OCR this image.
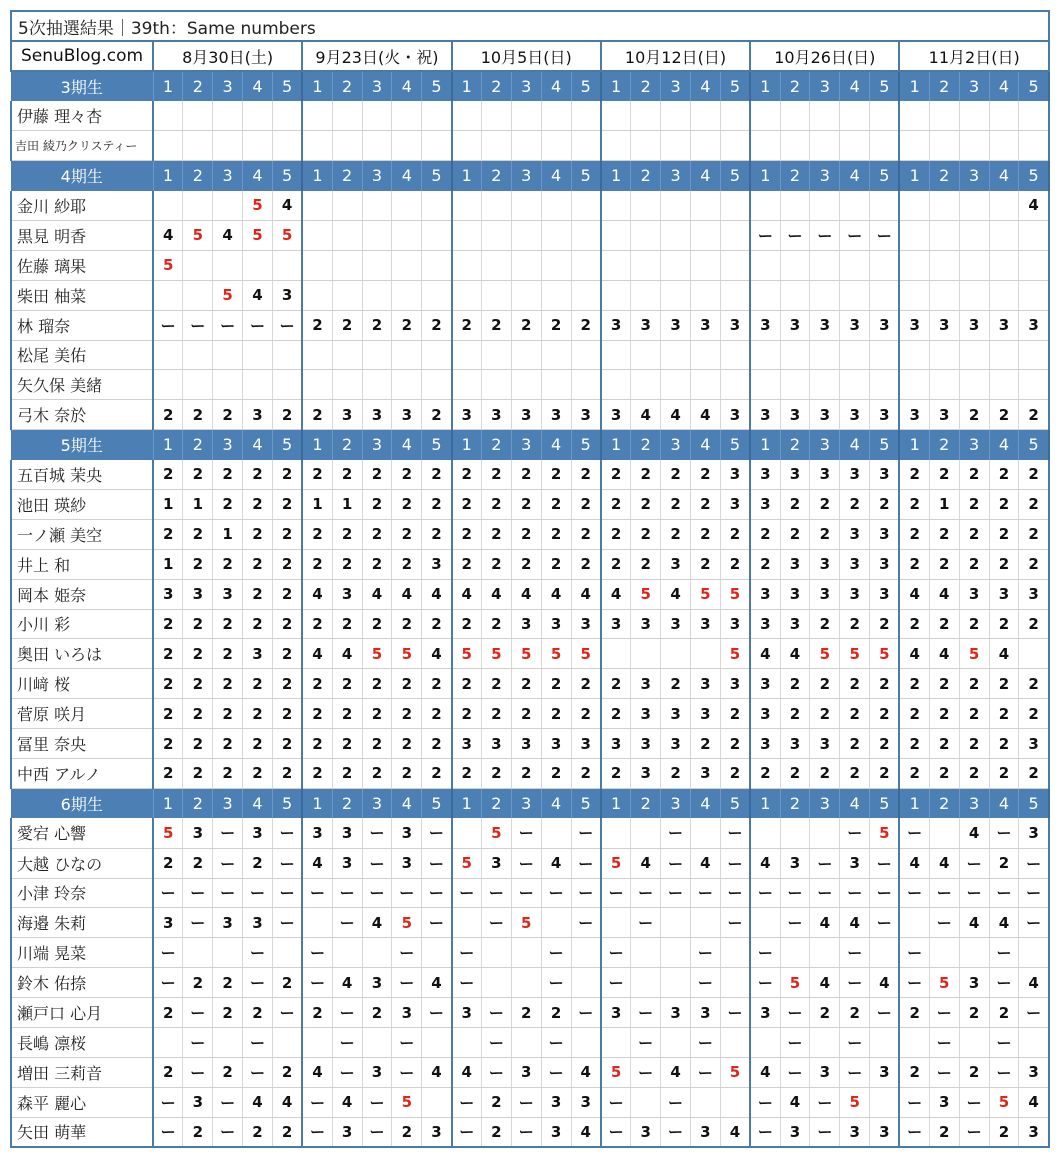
5次抽選結果｜39th：Same numbers																														
SenuBlog.com	8月30日(土)					9月23日(火・祝)					10月5日(日)					10月12日(日)					10月26日(日)					11月2日(日)				
3期生	1	2	3	4	5	1	2	3	4	5	1	2	3	4	5	1	2	3	4	5	1	2	3	4	5	1	2	3	4	5
伊藤 理々杏																														
吉田 綾乃クリスティー																														
4期生	1	2	3	4	5	1	2	3	4	5	1	2	3	4	5	1	2	3	4	5	1	2	3	4	5	1	2	3	4	5
金川 紗耶				5	4																									4
黒見 明香	4	5	4	5	5																ー	ー	ー	ー	ー					
佐藤 璃果	5																													
柴田 柚菜			5	4	3																									
林 瑠奈	ー	ー	ー	ー	ー	2	2	2	2	2	2	2	2	2	2	3	3	3	3	3	3	3	3	3	3	3	3	3	3	3
松尾 美佑																														
矢久保 美緒																														
弓木 奈於	2	2	2	3	2	2	3	3	3	2	3	3	3	3	3	3	4	4	4	3	3	3	3	3	3	3	3	2	2	2
5期生	1	2	3	4	5	1	2	3	4	5	1	2	3	4	5	1	2	3	4	5	1	2	3	4	5	1	2	3	4	5
五百城 茉央	2	2	2	2	2	2	2	2	2	2	2	2	2	2	2	2	2	2	2	3	3	3	3	3	3	2	2	2	2	2
池田 瑛紗	1	1	2	2	2	1	1	2	2	2	2	2	2	2	2	2	2	2	2	3	3	2	2	2	2	2	1	2	2	2
一ノ瀬 美空	2	2	1	2	2	2	2	2	2	2	2	2	2	2	2	2	2	2	2	2	2	2	2	3	3	2	2	2	2	2
井上 和	1	2	2	2	2	2	2	2	2	3	2	2	2	2	2	2	2	3	2	2	2	3	3	3	3	2	2	2	2	2
岡本 姫奈	3	3	3	2	2	4	3	4	4	4	4	4	4	4	4	4	5	4	5	5	3	3	3	3	3	4	4	3	3	3
小川 彩	2	2	2	2	2	2	2	2	2	2	2	2	3	3	3	3	3	3	3	3	3	3	2	2	2	2	2	2	2	2
奥田 いろは	2	2	2	3	2	4	4	5	5	4	5	5	5	5	5					5	4	4	5	5	5	4	4	5	4	
川﨑 桜	2	2	2	2	2	2	2	2	2	2	2	2	2	2	2	2	3	2	3	3	3	2	2	2	2	2	2	2	2	2
菅原 咲月	2	2	2	2	2	2	2	2	2	2	2	2	2	2	2	2	3	3	3	2	3	2	2	2	2	2	2	2	2	2
冨里 奈央	2	2	2	2	2	2	2	2	2	2	3	3	3	3	3	3	3	3	2	2	3	3	3	2	2	2	2	2	2	3
中西 アルノ	2	2	2	2	2	2	2	2	2	2	2	2	2	2	2	2	3	2	3	2	2	2	2	2	2	2	2	2	2	2
6期生	1	2	3	4	5	1	2	3	4	5	1	2	3	4	5	1	2	3	4	5	1	2	3	4	5	1	2	3	4	5
愛宕 心響	5	3	ー	3	ー	3	3	ー	3	ー		5	ー		ー			ー		ー				ー	5	ー		4	ー	3
大越 ひなの	2	2	ー	2	ー	4	3	ー	3	ー	5	3	ー	4	ー	5	4	ー	4	ー	4	3	ー	3	ー	4	4	ー	2	ー
小津 玲奈	ー	ー	ー	ー	ー	ー	ー	ー	ー	ー	ー	ー	ー	ー	ー	ー	ー	ー	ー	ー	ー	ー	ー	ー	ー	ー	ー	ー	ー	ー
海邉 朱莉	3	ー	3	3	ー		ー	4	5	ー		ー	5		ー		ー			ー		ー	4	4	ー		ー	4	4	ー
川端 晃菜	ー			ー		ー			ー		ー			ー		ー			ー		ー			ー		ー			ー	
鈴木 佑捺	ー	2	2	ー	2	ー	4	3	ー	4	ー			ー		ー			ー		ー	5	4	ー	4	ー	5	3	ー	4
瀬戸口 心月	2	ー	2	2	ー	2	ー	2	3	ー	3	ー	2	2	ー	3	ー	3	3	ー	3	ー	2	2	ー	2	ー	2	2	ー
長嶋 凛桜		ー		ー			ー		ー			ー		ー			ー		ー			ー		ー			ー		ー	
増田 三莉音	2	ー	2	ー	2	4	ー	3	ー	4	4	ー	3	ー	4	5	ー	4	ー	5	4	ー	3	ー	3	2	ー	2	ー	3
森平 麗心	ー	3	ー	4	4	ー	4	ー	5		ー	2	ー	3	3	ー		ー			ー	4	ー	5		ー	3	ー	5	4
矢田 萌華	ー	2	ー	2	2	ー	3	ー	2	3	ー	2	ー	3	4	ー	3	ー	3	4	ー	3	ー	3	3	ー	2	ー	2	3
